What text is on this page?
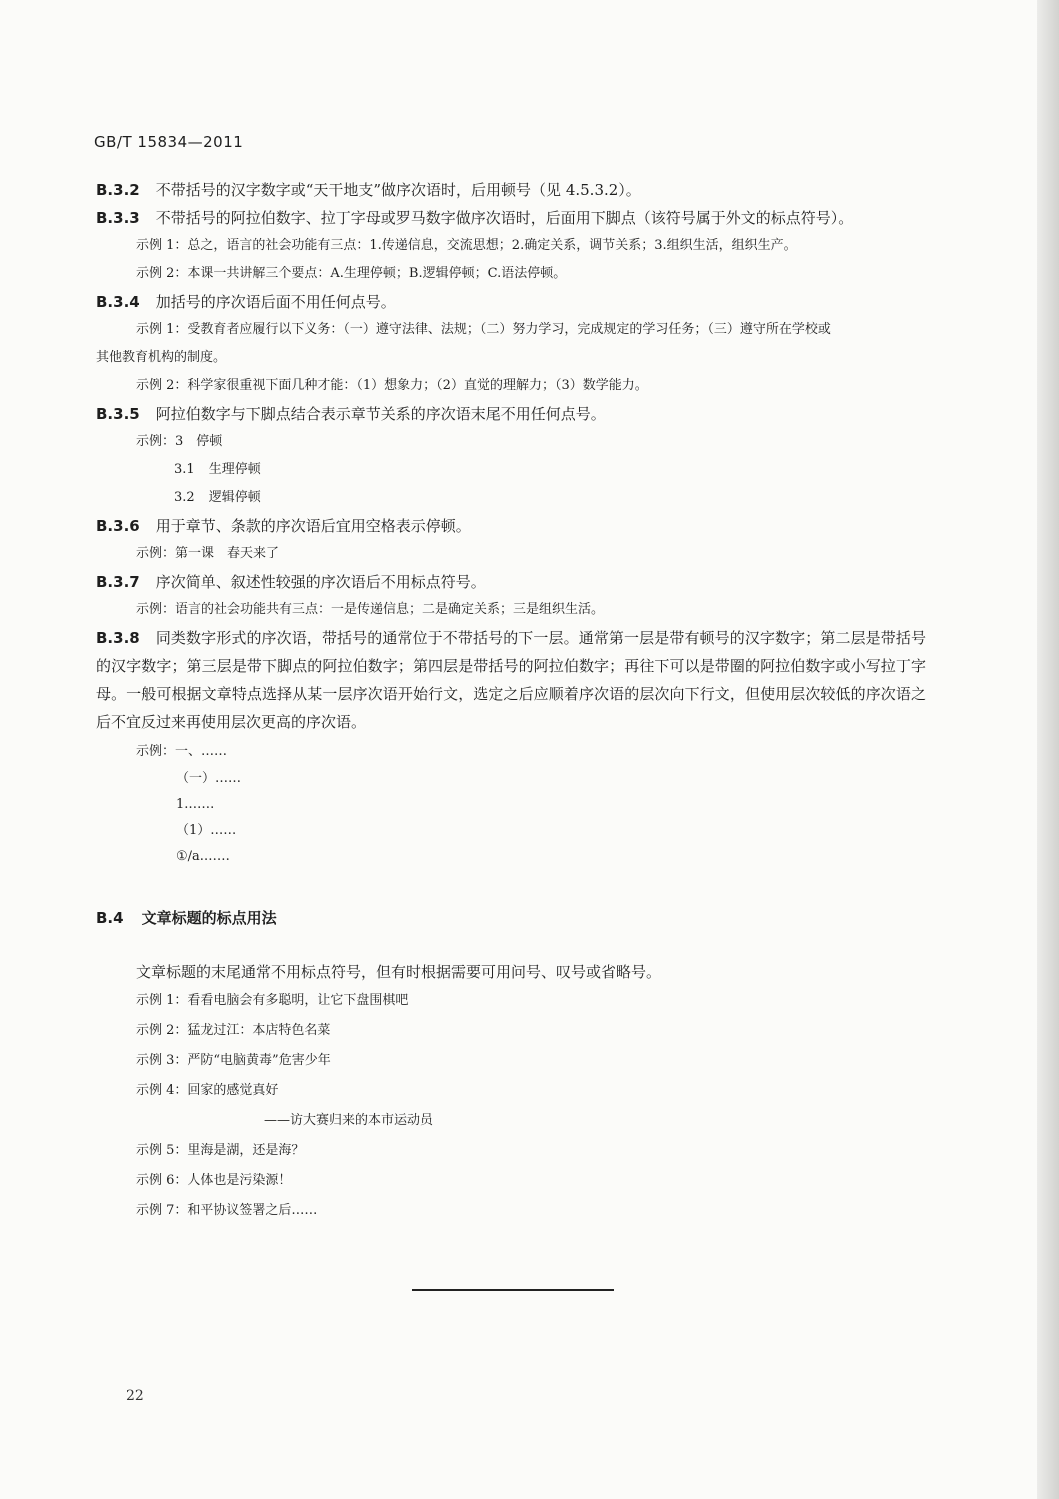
GB/T 15834—2011

B.3.2 不带括号的汉字数字或“天干地支”做序次语时，后用顿号（见 4.5.3.2）。

B.3.3 不带括号的阿拉伯数字、拉丁字母或罗马数字做序次语时，后面用下脚点（该符号属于外文的标点符号）。

示例 1：总之，语言的社会功能有三点：1.传递信息，交流思想；2.确定关系，调节关系；3.组织生活，组织生产。

示例 2：本课一共讲解三个要点：A.生理停顿；B.逻辑停顿；C.语法停顿。

B.3.4 加括号的序次语后面不用任何点号。

示例 1：受教育者应履行以下义务：（一）遵守法律、法规；（二）努力学习，完成规定的学习任务；（三）遵守所在学校或

其他教育机构的制度。

示例 2：科学家很重视下面几种才能：（1）想象力；（2）直觉的理解力；（3）数学能力。

B.3.5 阿拉伯数字与下脚点结合表示章节关系的序次语末尾不用任何点号。

示例：3　停顿

3.1 生理停顿

3.2 逻辑停顿

B.3.6 用于章节、条款的序次语后宜用空格表示停顿。

示例：第一课　春天来了

B.3.7 序次简单、叙述性较强的序次语后不用标点符号。

示例：语言的社会功能共有三点：一是传递信息；二是确定关系；三是组织生活。

B.3.8 同类数字形式的序次语，带括号的通常位于不带括号的下一层。通常第一层是带有顿号的汉字数字；第二层是带括号的汉字数字；第三层是带下脚点的阿拉伯数字；第四层是带括号的阿拉伯数字；再往下可以是带圈的阿拉伯数字或小写拉丁字母。一般可根据文章特点选择从某一层序次语开始行文，选定之后应顺着序次语的层次向下行文，但使用层次较低的序次语之后不宜反过来再使用层次更高的序次语。

示例：一、……

（一）……

1.……

（1）……

①/a.……

B.4 文章标题的标点用法

文章标题的末尾通常不用标点符号，但有时根据需要可用问号、叹号或省略号。

示例 1：看看电脑会有多聪明，让它下盘围棋吧

示例 2：猛龙过江：本店特色名菜

示例 3：严防“电脑黄毒”危害少年

示例 4：回家的感觉真好

——访大赛归来的本市运动员

示例 5：里海是湖，还是海？

示例 6：人体也是污染源！

示例 7：和平协议签署之后……

22
